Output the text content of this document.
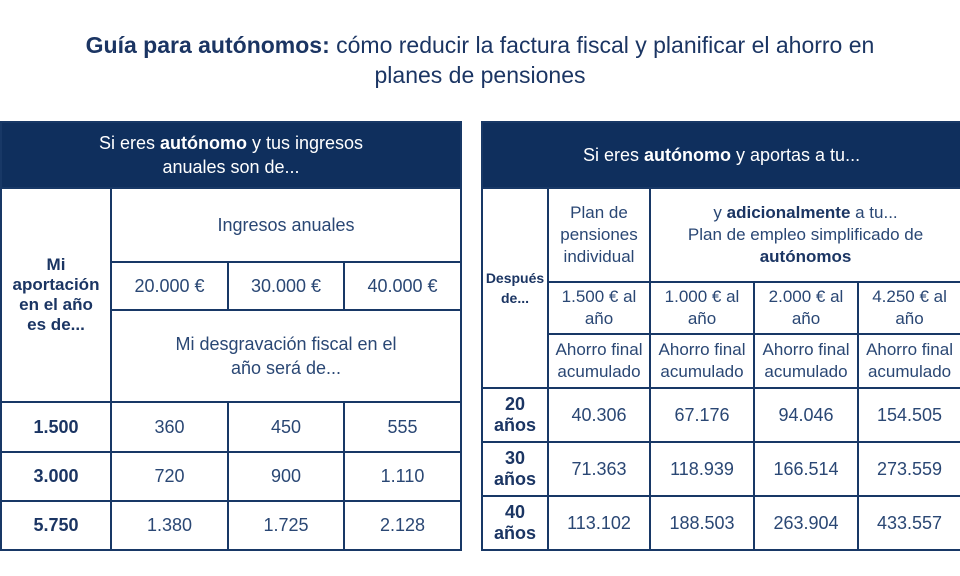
Guía para autónomos: cómo reducir la factura fiscal y planificar el ahorro en
planes de pensiones
Si eres autónomo y tus ingresos
anuales son de...			
Mi
aportación
en el año
es de...	Ingresos anuales		
	20.000 €	30.000 €	40.000 €
	Mi desgravación fiscal en el
año será de...		
1.500	360	450	555
3.000	720	900	1.110
5.750	1.380	1.725	2.128
Si eres autónomo y aportas a tu...				
Después
de...	Plan de
pensiones
individual	y adicionalmente a tu...
Plan de empleo simplificado de
autónomos		
	1.500 € al
año	1.000 € al
año	2.000 € al
año	4.250 € al
año
	Ahorro final
acumulado	Ahorro final
acumulado	Ahorro final
acumulado	Ahorro final
acumulado
20
años	40.306	67.176	94.046	154.505
30
años	71.363	118.939	166.514	273.559
40
años	113.102	188.503	263.904	433.557
